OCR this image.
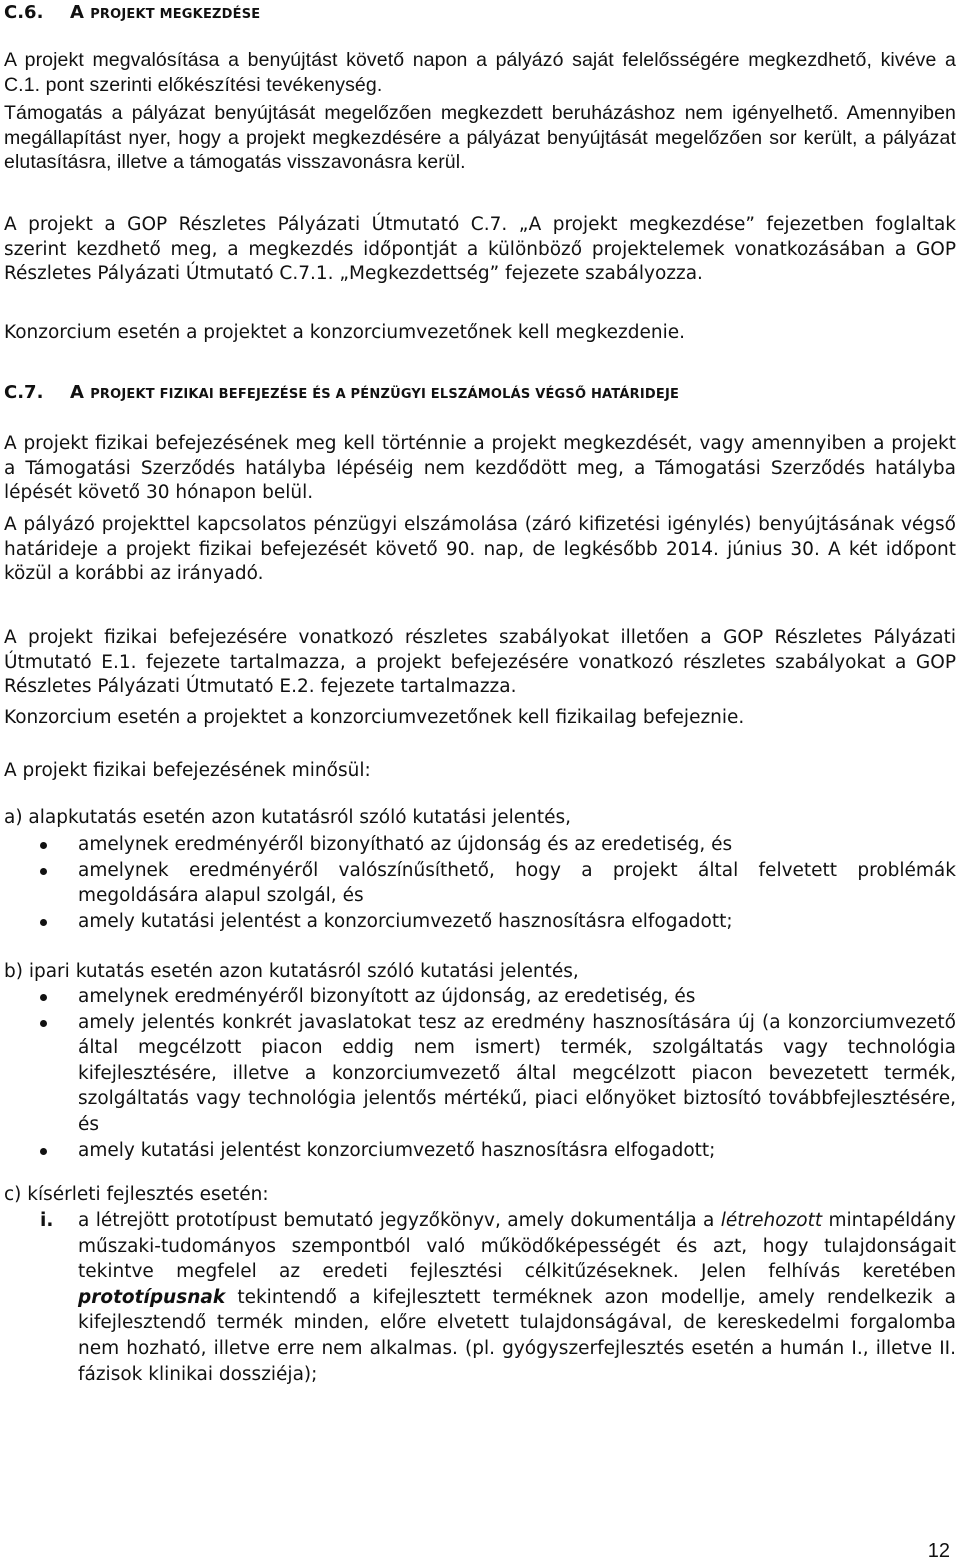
C.6. A PROJEKT MEGKEZDÉSE

A projekt megvalósítása a benyújtást követő napon a pályázó saját felelősségére megkezdhető, kivéve a C.1. pont szerinti előkészítési tevékenység.

Támogatás a pályázat benyújtását megelőzően megkezdett beruházáshoz nem igényelhető. Amennyiben megállapítást nyer, hogy a projekt megkezdésére a pályázat benyújtását megelőzően sor került, a pályázat elutasításra, illetve a támogatás visszavonásra kerül.

A projekt a GOP Részletes Pályázati Útmutató C.7. „A projekt megkezdése” fejezetben foglaltak szerint kezdhető meg, a megkezdés időpontját a különböző projektelemek vonatkozásában a GOP Részletes Pályázati Útmutató C.7.1. „Megkezdettség” fejezete szabályozza.

Konzorcium esetén a projektet a konzorciumvezetőnek kell megkezdenie.

C.7. A PROJEKT FIZIKAI BEFEJEZÉSE ÉS A PÉNZÜGYI ELSZÁMOLÁS VÉGSŐ HATÁRIDEJE

A projekt fizikai befejezésének meg kell történnie a projekt megkezdését, vagy amennyiben a projekt a Támogatási Szerződés hatályba lépéséig nem kezdődött meg, a Támogatási Szerződés hatályba lépését követő 30 hónapon belül.

A pályázó projekttel kapcsolatos pénzügyi elszámolása (záró kifizetési igénylés) benyújtásának végső határideje a projekt fizikai befejezését követő 90. nap, de legkésőbb 2014. június 30. A két időpont közül a korábbi az irányadó.

A projekt fizikai befejezésére vonatkozó részletes szabályokat illetően a GOP Részletes Pályázati Útmutató E.1. fejezete tartalmazza, a projekt befejezésére vonatkozó részletes szabályokat a GOP Részletes Pályázati Útmutató E.2. fejezete tartalmazza.

Konzorcium esetén a projektet a konzorciumvezetőnek kell fizikailag befejeznie.

A projekt fizikai befejezésének minősül:

a) alapkutatás esetén azon kutatásról szóló kutatási jelentés,

amelynek eredményéről bizonyítható az újdonság és az eredetiség, és
amelynek eredményéről valószínűsíthető, hogy a projekt által felvetett problémák megoldására alapul szolgál, és
amely kutatási jelentést a konzorciumvezető hasznosításra elfogadott;

b) ipari kutatás esetén azon kutatásról szóló kutatási jelentés,

amelynek eredményéről bizonyított az újdonság, az eredetiség, és
amely jelentés konkrét javaslatokat tesz az eredmény hasznosítására új (a konzorciumvezető által megcélzott piacon eddig nem ismert) termék, szolgáltatás vagy technológia kifejlesztésére, illetve a konzorciumvezető által megcélzott piacon bevezetett termék, szolgáltatás vagy technológia jelentős mértékű, piaci előnyöket biztosító továbbfejlesztésére, és
amely kutatási jelentést konzorciumvezető hasznosításra elfogadott;

c) kísérleti fejlesztés esetén:

i. a létrejött prototípust bemutató jegyzőkönyv, amely dokumentálja a létrehozott mintapéldány műszaki-tudományos szempontból való működőképességét és azt, hogy tulajdonságait tekintve megfelel az eredeti fejlesztési célkitűzéseknek. Jelen felhívás keretében prototípusnak tekintendő a kifejlesztett terméknek azon modellje, amely rendelkezik a kifejlesztendő termék minden, előre elvetett tulajdonságával, de kereskedelmi forgalomba nem hozható, illetve erre nem alkalmas. (pl. gyógyszerfejlesztés esetén a humán I., illetve II. fázisok klinikai dossziéja);
12
